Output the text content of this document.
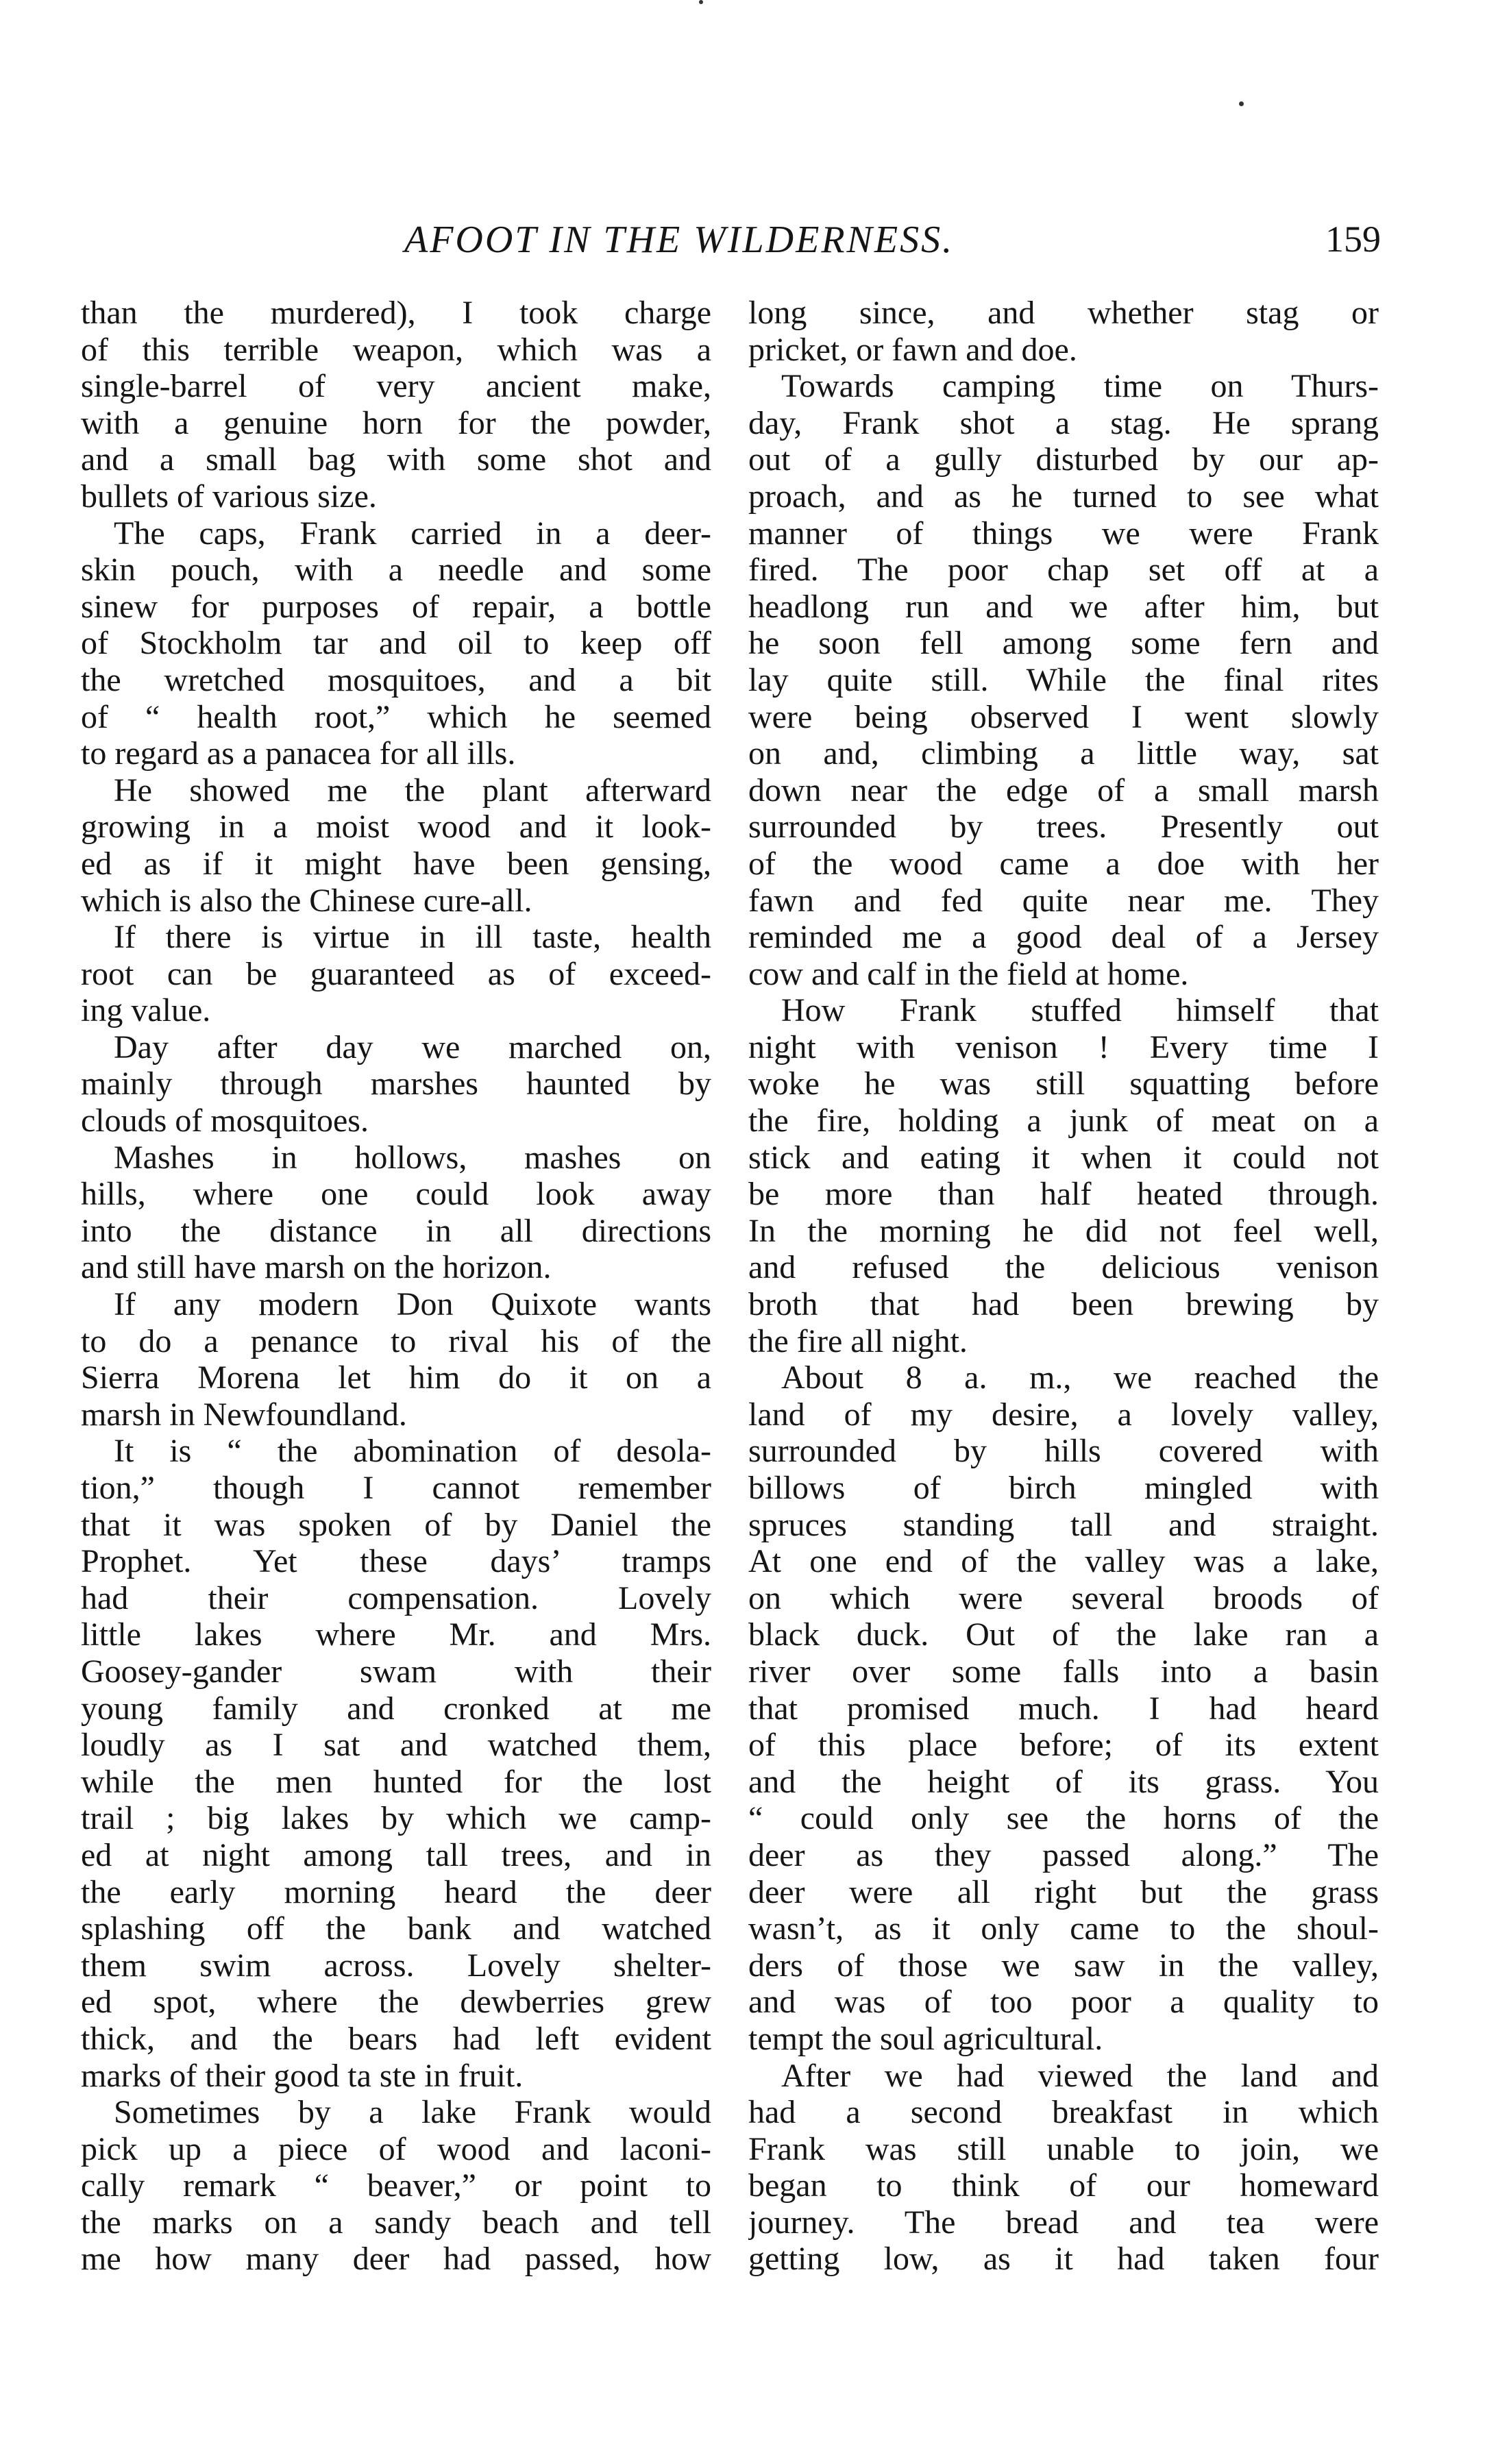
AFOOT IN THE WILDERNESS.	159
than the murdered), I took charge
of this terrible weapon, which was a
single-barrel of very ancient make,
with a genuine horn for the powder,
and a small bag with some shot and
bullets of various size.
The caps, Frank carried in a deer-
skin pouch, with a needle and some
sinew for purposes of repair, a bottle
of Stockholm tar and oil to keep off
the wretched mosquitoes, and a bit
of “ health root,” which he seemed
to regard as a panacea for all ills.
He showed me the plant afterward
growing in a moist wood and it look-
ed as if it might have been gensing,
which is also the Chinese cure-all.
If there is virtue in ill taste, health
root can be guaranteed as of exceed-
ing value.
Day after day we marched on,
mainly through marshes haunted by
clouds of mosquitoes.
Mashes in hollows, mashes on
hills, where one could look away
into the distance in all directions
and still have marsh on the horizon.
If any modern Don Quixote wants
to do a penance to rival his of the
Sierra Morena let him do it on a
marsh in Newfoundland.
It is “ the abomination of desola-
tion,” though I cannot remember
that it was spoken of by Daniel the
Prophet. Yet these days’ tramps
had their compensation. Lovely
little lakes where Mr. and Mrs.
Goosey-gander swam with their
young family and cronked at me
loudly as I sat and watched them,
while the men hunted for the lost
trail ; big lakes by which we camp-
ed at night among tall trees, and in
the early morning heard the deer
splashing off the bank and watched
them swim across. Lovely shelter-
ed spot, where the dewberries grew
thick, and the bears had left evident
marks of their good ta ste in fruit.
Sometimes by a lake Frank would
pick up a piece of wood and laconi-
cally remark “ beaver,” or point to
the marks on a sandy beach and tell
me how many deer had passed, how
long since, and whether stag or
pricket, or fawn and doe.
Towards camping time on Thurs-
day, Frank shot a stag. He sprang
out of a gully disturbed by our ap-
proach, and as he turned to see what
manner of things we were Frank
fired. The poor chap set off at a
headlong run and we after him, but
he soon fell among some fern and
lay quite still. While the final rites
were being observed I went slowly
on and, climbing a little way, sat
down near the edge of a small marsh
surrounded by trees. Presently out
of the wood came a doe with her
fawn and fed quite near me. They
reminded me a good deal of a Jersey
cow and calf in the field at home.
How Frank stuffed himself that
night with venison ! Every time I
woke he was still squatting before
the fire, holding a junk of meat on a
stick and eating it when it could not
be more than half heated through.
In the morning he did not feel well,
and refused the delicious venison
broth that had been brewing by
the fire all night.
About 8 a. m., we reached the
land of my desire, a lovely valley,
surrounded by hills covered with
billows of birch mingled with
spruces standing tall and straight.
At one end of the valley was a lake,
on which were several broods of
black duck. Out of the lake ran a
river over some falls into a basin
that promised much. I had heard
of this place before; of its extent
and the height of its grass. You
“ could only see the horns of the
deer as they passed along.” The
deer were all right but the grass
wasn’t, as it only came to the shoul-
ders of those we saw in the valley,
and was of too poor a quality to
tempt the soul agricultural.
After we had viewed the land and
had a second breakfast in which
Frank was still unable to join, we
began to think of our homeward
journey. The bread and tea were
getting low, as it had taken four
